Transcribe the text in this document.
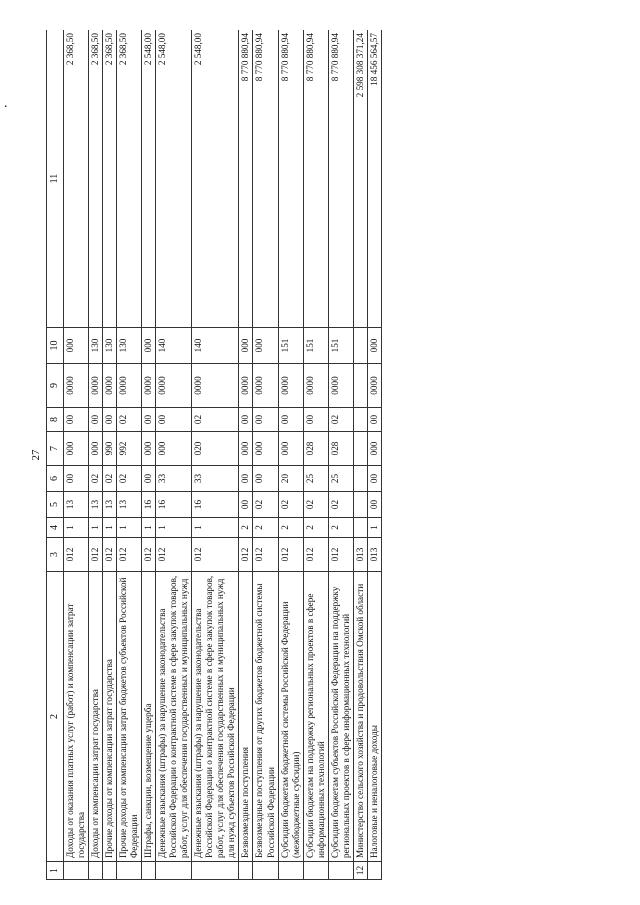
.
27
1	2	3	4	5	6	7	8	9	10	11
	Доходы от оказания платных услуг (работ) и компенсации затрат государства	012	1	13	00	000	00	0000	000	2 368,50
	Доходы от компенсации затрат государства	012	1	13	02	000	00	0000	130	2 368,50
	Прочие доходы от компенсации затрат государства	012	1	13	02	990	00	0000	130	2 368,50
	Прочие доходы от компенсации затрат бюджетов субъектов Российской Федерации	012	1	13	02	992	02	0000	130	2 368,50
	Штрафы, санкции, возмещение ущерба	012	1	16	00	000	00	0000	000	2 548,00
	Денежные взыскания (штрафы) за нарушение законодательства Российской Федерации о контрактной системе в сфере закупок товаров, работ, услуг для обеспечения государственных и муниципальных нужд	012	1	16	33	000	00	0000	140	2 548,00
	Денежные взыскания (штрафы) за нарушение законодательства Российской Федерации о контрактной системе в сфере закупок товаров, работ, услуг для обеспечения государственных и муниципальных нужд для нужд субъектов Российской Федерации	012	1	16	33	020	02	0000	140	2 548,00
	Безвозмездные поступления	012	2	00	00	000	00	0000	000	8 770 880,94
	Безвозмездные поступления от других бюджетов бюджетной системы Российской Федерации	012	2	02	00	000	00	0000	000	8 770 880,94
	Субсидии бюджетам бюджетной системы Российской Федерации (межбюджетные субсидии)	012	2	02	20	000	00	0000	151	8 770 880,94
	Субсидии бюджетам на поддержку региональных проектов в сфере информационных технологий	012	2	02	25	028	00	0000	151	8 770 880,94
	Субсидии бюджетам субъектов Российской Федерации на поддержку региональных проектов в сфере информационных технологий	012	2	02	25	028	02	0000	151	8 770 880,94
12	Министерство сельского хозяйства и продовольствия Омской области	013								2 598 308 371,24
	Налоговые и неналоговые доходы	013	1	00	00	000	00	0000	000	18 456 564,57
